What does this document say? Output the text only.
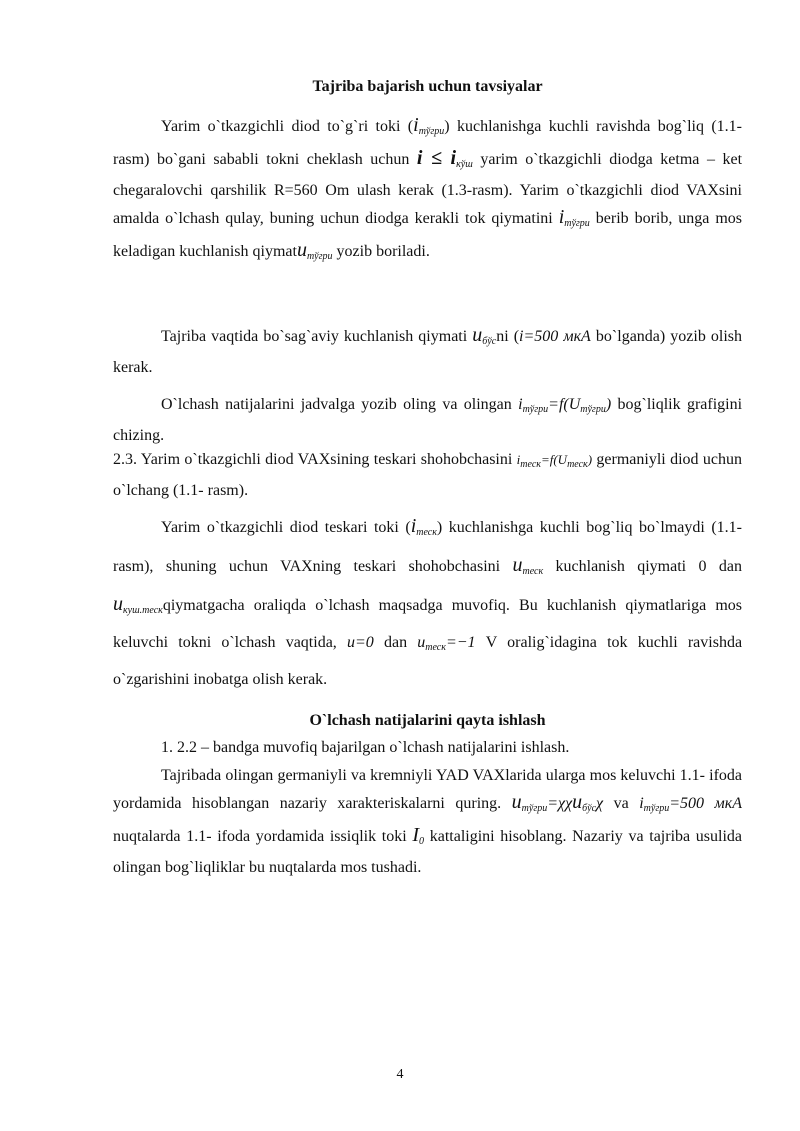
Tajriba bajarish uchun tavsiyalar
Yarim o`tkazgichli diod to`g`ri toki $(i_{тўгри})$ kuchlanishga kuchli ravishda bog`liq (1.1-rasm) bo`gani sababli tokni cheklash uchun $i \le i_{кўш}$ yarim o`tkazgichli diodga ketma – ket chegaralovchi qarshilik R=560 Om ulash kerak (1.3-rasm). Yarim o`tkazgichli diod VAXsini amalda o`lchash qulay, buning uchun diodga kerakli tok qiymatini $i_{тўгри}$ berib borib, unga mos keladigan kuchlanish qiymatu$_{тўгри}$ yozib boriladi.
Tajriba vaqtida bo`sag`aviy kuchlanish qiymati $u_{бўс}ni$ (i=500 мкА bo`lganda) yozib olish kerak.
O`lchash natijalarini jadvalga yozib oling va olingan $i_{тўгри}=f(U_{тўгри})$ bog`liqlik grafigini chizing.
2.3. Yarim o`tkazgichli diod VAXsining teskari shohobchasini $i_{теск}=f(U_{теск})$ germaniyli diod uchun o`lchang (1.1- rasm).
Yarim o`tkazgichli diod teskari toki $(i_{теск})$ kuchlanishga kuchli bog`liq bo`lmaydi (1.1- rasm), shuning uchun VAXning teskari shohobchasini $u_{теск}$ kuchlanish qiymati 0 dan $u_{куш.теск}qiymatgacha$ oraliqda o`lchash maqsadga muvofiq. Bu kuchlanish qiymatlariga mos keluvchi tokni o`lchash vaqtida, u=0 dan $u_{теск}=-1$ V oralig`idagina tok kuchli ravishda o`zgarishini inobatga olish kerak.
O`lchash natijalarini qayta ishlash
1. 2.2 – bandga muvofiq bajarilgan o`lchash natijalarini ishlash.
Tajribada olingan germaniyli va kremniyli YAD VAXlarida ularga mos keluvchi 1.1- ifoda yordamida hisoblangan nazariy xarakteriskalarni quring. $u_{тўгри}=\chi\chi u_{бўс}\chi$ va $i_{тўгри}=500$ мкА nuqtalarda 1.1- ifoda yordamida issiqlik toki $I_0$ kattaligini hisoblang. Nazariy va tajriba usulida olingan bog`liqliklar bu nuqtalarda mos tushadi.
4
